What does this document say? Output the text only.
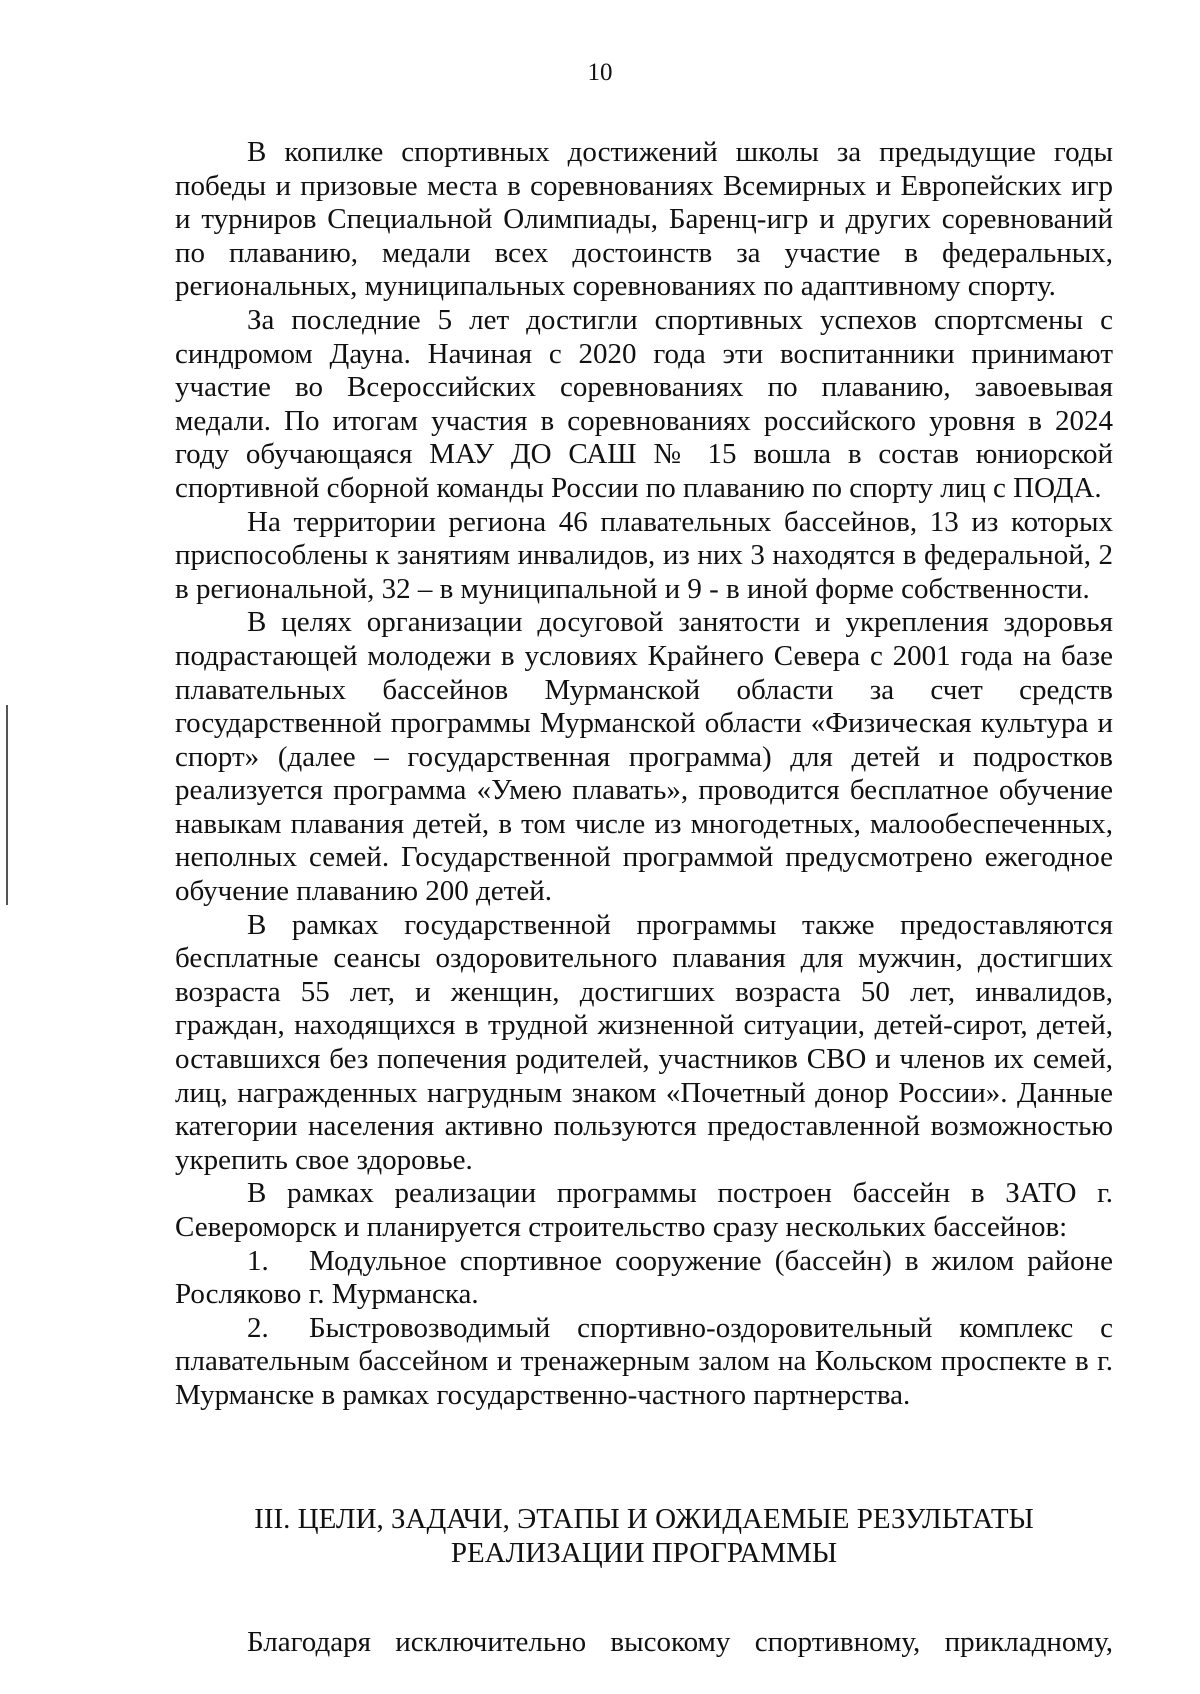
10

В копилке спортивных достижений школы за предыдущие годы победы и призовые места в соревнованиях Всемирных и Европейских игр и турниров Специальной Олимпиады, Баренц-игр и других соревнований по плаванию, медали всех достоинств за участие в федеральных, региональных, муниципальных соревнованиях по адаптивному спорту.

За последние 5 лет достигли спортивных успехов спортсмены с синдромом Дауна. Начиная с 2020 года эти воспитанники принимают участие во Всероссийских соревнованиях по плаванию, завоевывая медали. По итогам участия в соревнованиях российского уровня в 2024 году обучающаяся МАУ ДО САШ № 15 вошла в состав юниорской спортивной сборной команды России по плаванию по спорту лиц с ПОДА.

На территории региона 46 плавательных бассейнов, 13 из которых приспособлены к занятиям инвалидов, из них 3 находятся в федеральной, 2 в региональной, 32 – в муниципальной и 9 - в иной форме собственности.

В целях организации досуговой занятости и укрепления здоровья подрастающей молодежи в условиях Крайнего Севера с 2001 года на базе плавательных бассейнов Мурманской области за счет средств государственной программы Мурманской области «Физическая культура и спорт» (далее – государственная программа) для детей и подростков реализуется программа «Умею плавать», проводится бесплатное обучение навыкам плавания детей, в том числе из многодетных, малообеспеченных, неполных семей. Государственной программой предусмотрено ежегодное обучение плаванию 200 детей.

В рамках государственной программы также предоставляются бесплатные сеансы оздоровительного плавания для мужчин, достигших возраста 55 лет, и женщин, достигших возраста 50 лет, инвалидов, граждан, находящихся в трудной жизненной ситуации, детей-сирот, детей, оставшихся без попечения родителей, участников СВО и членов их семей, лиц, награжденных нагрудным знаком «Почетный донор России». Данные категории населения активно пользуются предоставленной возможностью укрепить свое здоровье.

В рамках реализации программы построен бассейн в ЗАТО г. Североморск и планируется строительство сразу нескольких бассейнов:

1. Модульное спортивное сооружение (бассейн) в жилом районе Росляково г. Мурманска.

2. Быстровозводимый спортивно-оздоровительный комплекс с плавательным бассейном и тренажерным залом на Кольском проспекте в г. Мурманске в рамках государственно-частного партнерства.

III. ЦЕЛИ, ЗАДАЧИ, ЭТАПЫ И ОЖИДАЕМЫЕ РЕЗУЛЬТАТЫ
РЕАЛИЗАЦИИ ПРОГРАММЫ

Благодаря исключительно высокому спортивному, прикладному,
